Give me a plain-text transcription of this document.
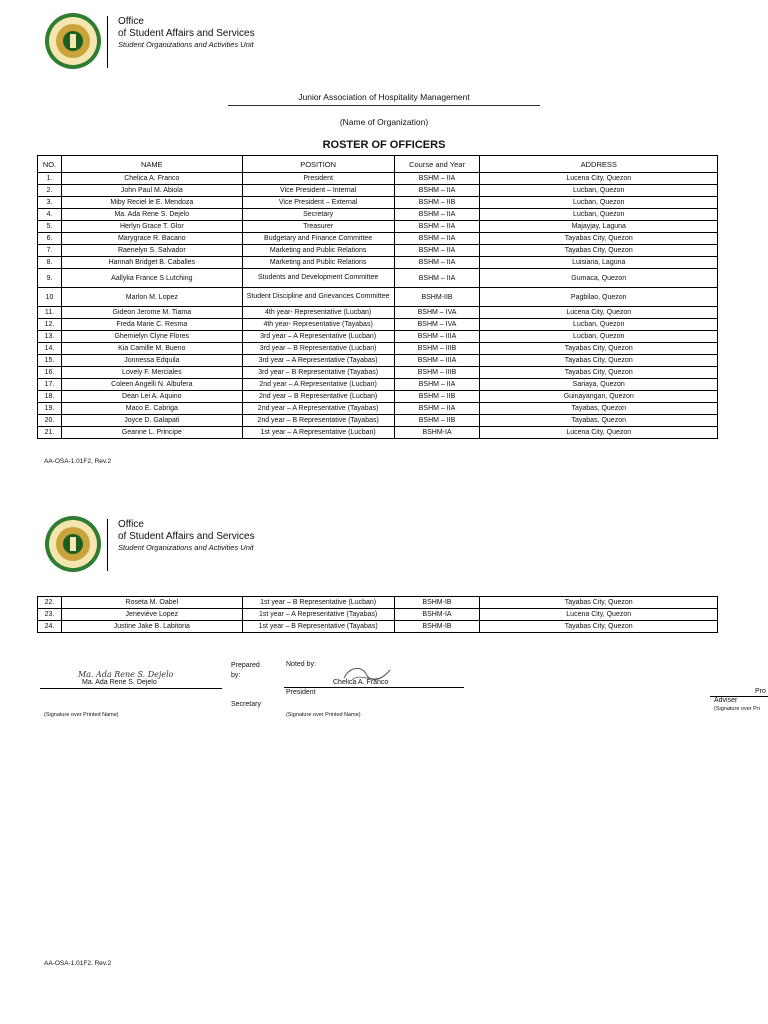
Office
of Student Affairs and Services
Student Organizations and Activities Unit
Junior Association of Hospitality Management
(Name of Organization)
ROSTER OF OFFICERS
NO.	NAME	POSITION	Course and Year	ADDRESS
1.	Chelica A. Franco	President	BSHM – IIA	Lucena City, Quezon
2.	John Paul M. Abiola	Vice President – Internal	BSHM – IIA	Lucban, Quezon
3.	Miby Reciel le E. Mendoza	Vice President – External	BSHM – IIB	Lucban, Quezon
4.	Ma. Ada Rene S. Dejelo	Secretary	BSHM – IIA	Lucban, Quezon
5.	Herlyn Grace T. Glor	Treasurer	BSHM – IIA	Majayjay, Laguna
6.	Marygrace R. Bacano	Budgetary and Finance Committee	BSHM – IIA	Tayabas City, Quezon
7.	Raenelyn S. Salvador	Marketing and Public Relations	BSHM – IIA	Tayabas City, Quezon
8.	Hannah Bridget B. Caballes	Marketing and Public Relations	BSHM – IIA	Luisiana, Laguna
9.	Aallyka France S Lutching	Students and Development Committee	BSHM – IIA	Gumaca, Quezon
10	Marlon M. Lopez	Student Discipline and Grievances Committee	BSHM-IIB	Pagbilao, Quezon
11.	Gideon Jerome M. Tiama	4th year- Representative (Lucban)	BSHM – IVA	Lucena City, Quezon
12.	Freda Marie C. Resma	4th year- Representative (Tayabas)	BSHM – IVA	Lucban, Quezon
13.	Ghemielyn Clyne Flores	3rd year – A Representative (Lucban)	BSHM – IIIA	Lucban, Quezon
14.	Kia Camille M. Bueno	3rd year – B Representative (Lucban)	BSHM – IIIB	Tayabas City, Quezon
15.	Jonnessa Edquila	3rd year – A Representative (Tayabas)	BSHM – IIIA	Tayabas City, Quezon
16.	Lovely F. Merciales	3rd year – B Representative (Tayabas)	BSHM – IIIB	Tayabas City, Quezon
17.	Coleen Angelli N. Albufera	2nd year – A Representative (Lucban)	BSHM – IIA	Sariaya, Quezon
18.	Dean Lei A. Aquino	2nd year – B Representative (Lucban)	BSHM – IIB	Guinayangan, Quezon
19.	Maco E. Cabriga	2nd year – A Representative (Tayabas)	BSHM – IIA	Tayabas, Quezon
20.	Joyce D. Galapati	2nd year – B Representative (Tayabas)	BSHM – IIB	Tayabas, Quezon
21.	Geanne L. Principe	1st year – A Representative (Lucban)	BSHM-IA	Lucena City, Quezon
AA-OSA-1.01F2, Rev.2
Office
of Student Affairs and Services
Student Organizations and Activities Unit
22.	Roseta M. Oabel	1st year – B Representative (Lucban)	BSHM-IB	Tayabas City, Quezon
23.	Jeneviève Lopez	1st year – A Representative (Tayabas)	BSHM-IA	Lucena City, Quezon
24.	Justine Jake B. Labitoria	1st year – B Representative (Tayabas)	BSHM-IB	Tayabas City, Quezon
Ma. Ada Rene S. Dejelo
Ma. Ada Rene S. Dejelo
(Signature over Printed Name)
Prepared by:
Secretary
Noted by:
Chelica A. Franco
President
(Signature over Printed Name)
Pro
Adviser
(Signature over Pri
AA-OSA-1.01F2, Rev.2
